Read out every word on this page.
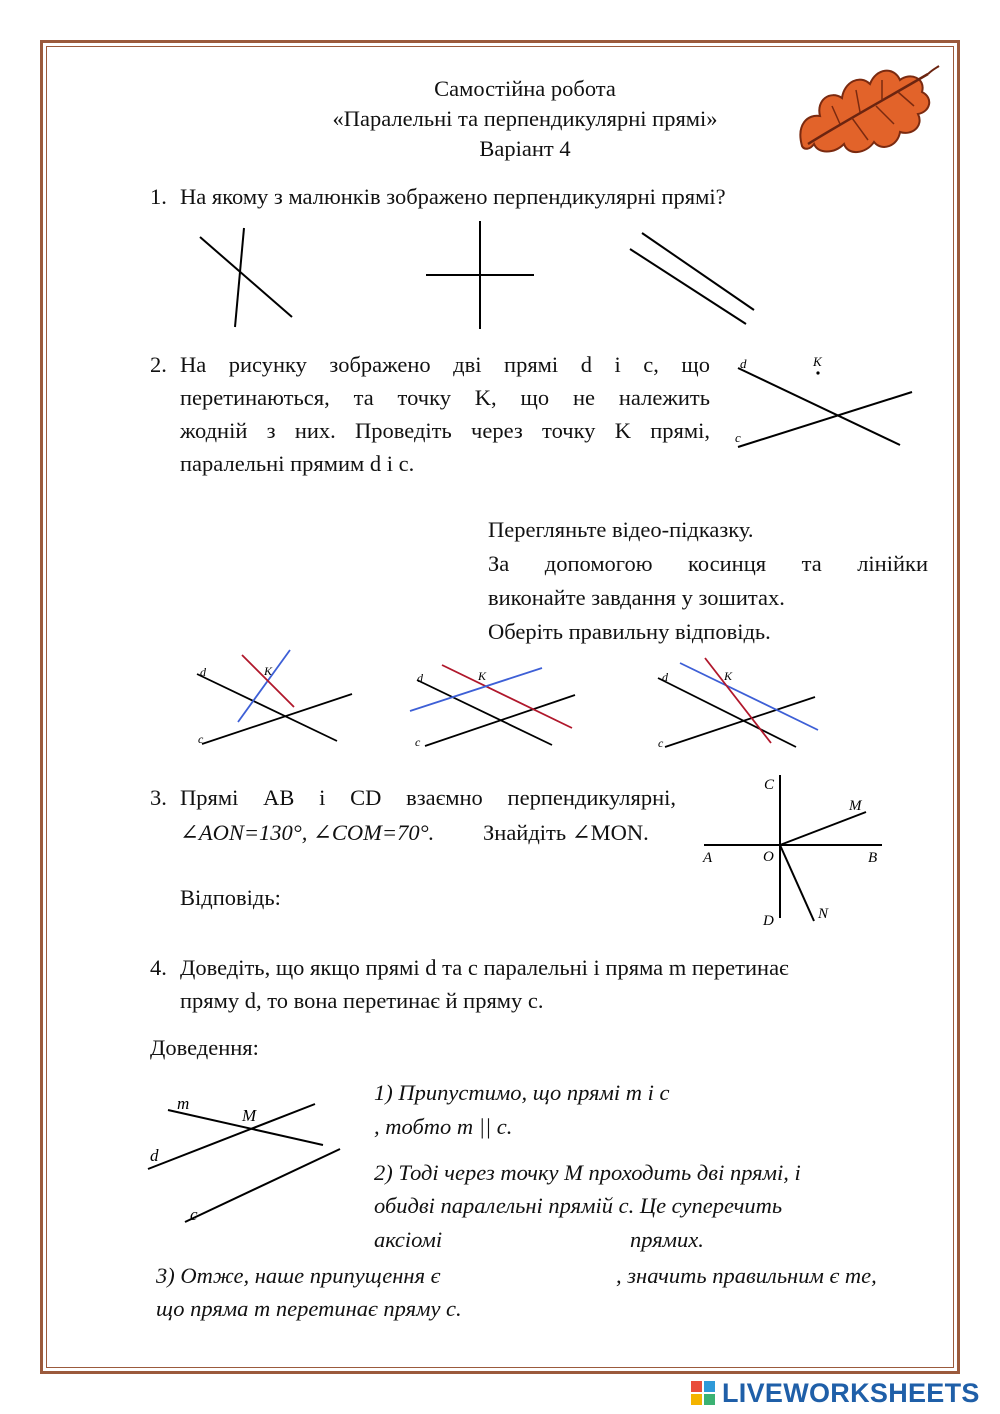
Самостійна робота
«Паралельні та перпендикулярні прямі»
Варіант 4
1. На якому з малюнків зображено перпендикулярні прямі?
2. На рисунку зображено дві прямі d і с, що
перетинаються, та точку K, що не належить
жодній з них. Проведіть через точку K прямі,
паралельні прямим d і c.
d	K
c
Перегляньте відео-підказку.
За допомогою косинця та лінійки
виконайте завдання у зошитах.
Оберіть правильну відповідь.
d	K
c
d	K
c
d	K
c
3. Прямі AB і CD взаємно перпендикулярні,
∠AON=130°, ∠COM=70°. Знайдіть ∠MON.
Відповідь:
C
M
A	O	B
D	N
4. Доведіть, що якщо прямі d та c паралельні і пряма m перетинає
пряму d, то вона перетинає й пряму с.
Доведення:
m
M
d
c
1) Припустимо, що прямі m і c
, тобто m || c.
2) Тоді через точку M проходить дві прямі, і
обидві паралельні прямій c. Це суперечить
аксіомі	прямих.
3) Отже, наше припущення є	, значить правильним є те,
що пряма m перетинає пряму c.
LIVEWORKSHEETS
